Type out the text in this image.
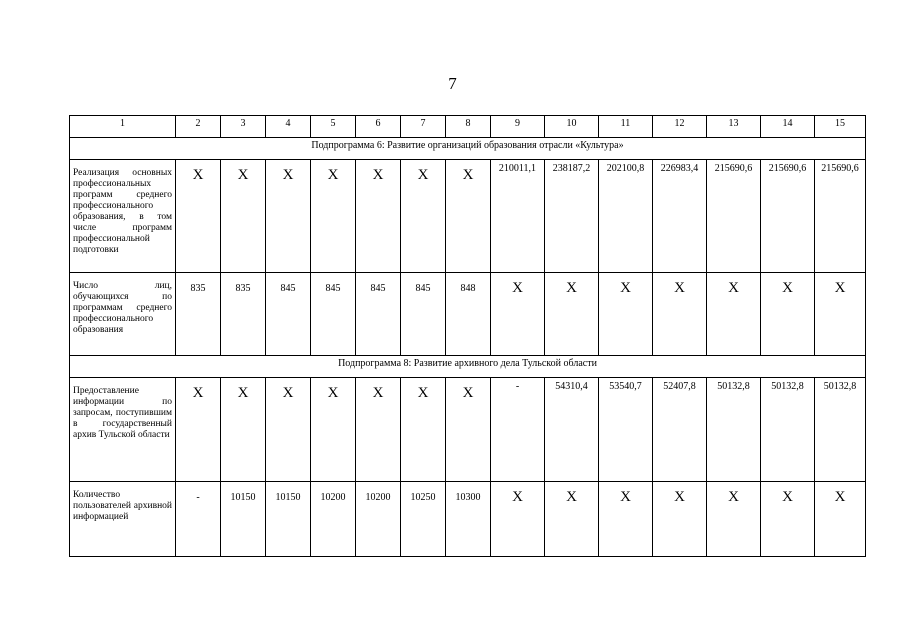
7
1	2	3	4	5	6	7	8	9	10	11	12	13	14	15
Подпрограмма 6: Развитие организаций образования отрасли «Культура»														
Реализация основных профессиональных программ среднего профессионального образования, в том числе программ профессиональной подготовки	Х	Х	Х	Х	Х	Х	Х	210011,1	238187,2	202100,8	226983,4	215690,6	215690,6	215690,6
Число лиц, обучающихся по программам среднего профессионального образования	835	835	845	845	845	845	848	Х	Х	Х	Х	Х	Х	Х
Подпрограмма 8: Развитие архивного дела Тульской области														
Предоставление информации по запросам, поступившим в государственный архив Тульской области	Х	Х	Х	Х	Х	Х	Х	-	54310,4	53540,7	52407,8	50132,8	50132,8	50132,8
Количество пользователей архивной информацией	-	10150	10150	10200	10200	10250	10300	Х	Х	Х	Х	Х	Х	Х
